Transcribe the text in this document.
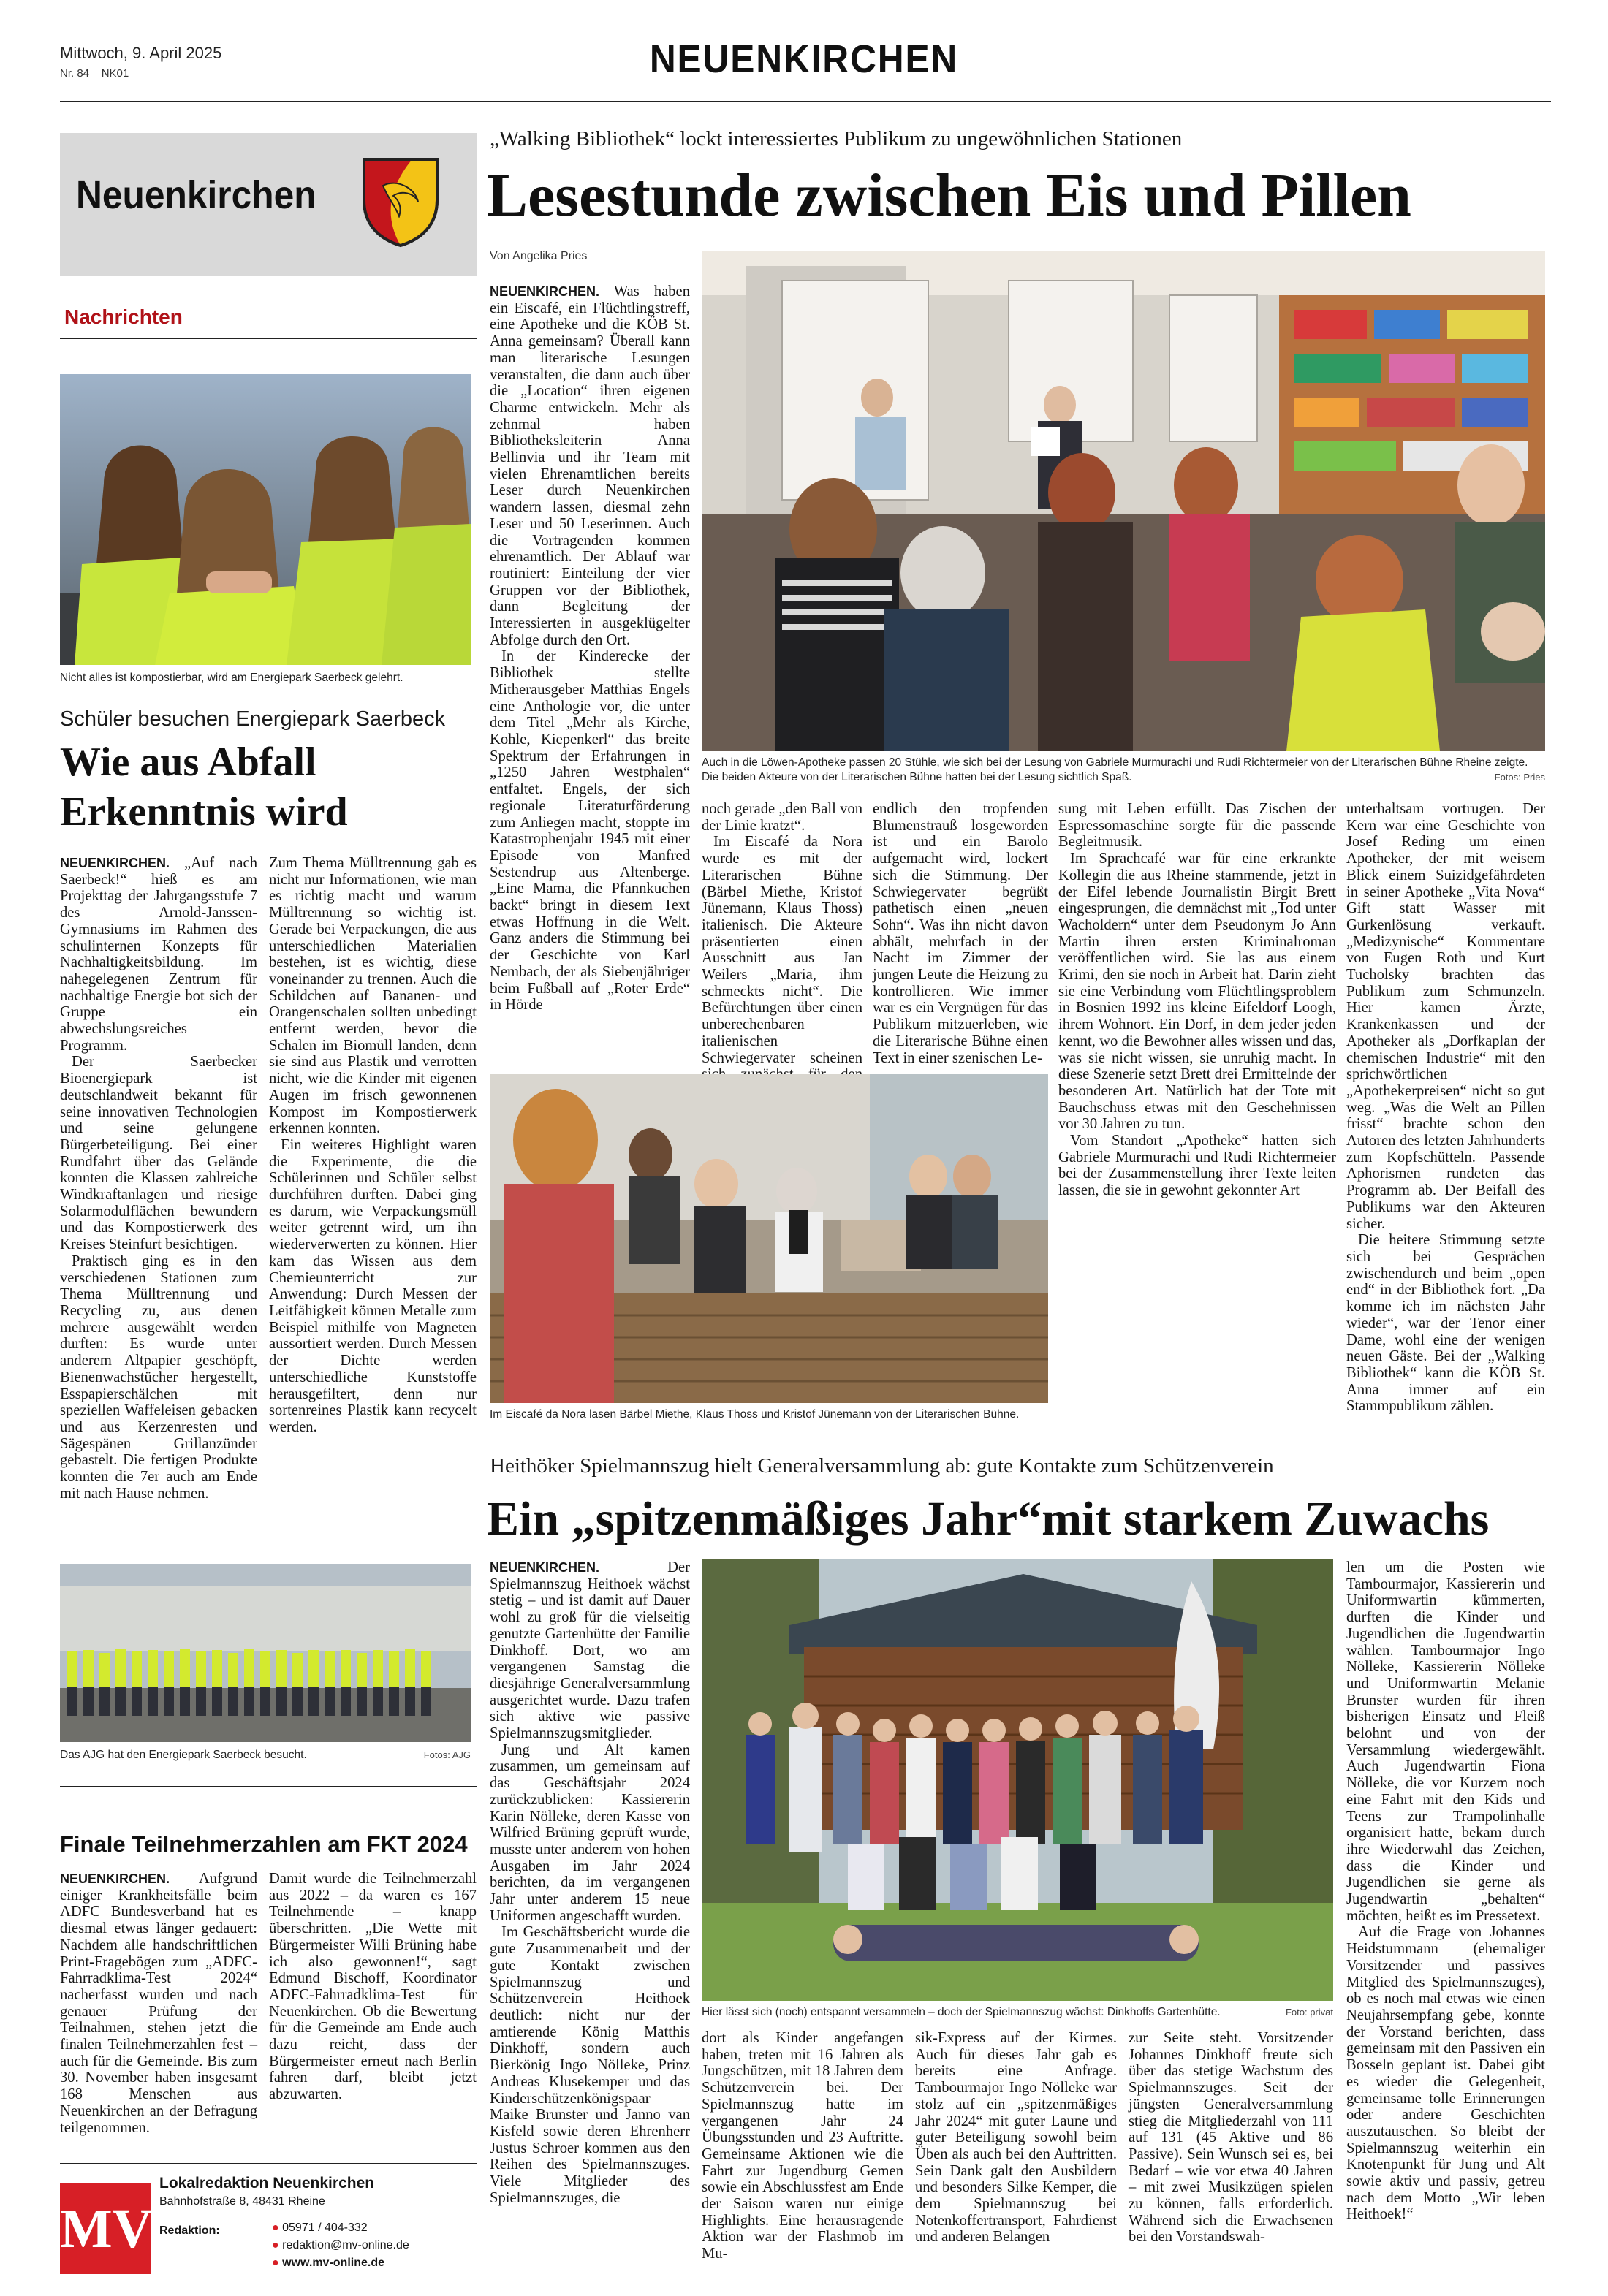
Mittwoch, 9. April 2025
Nr. 84 NK01	NEUENKIRCHEN
Neuenkirchen
Nachrichten
Nicht alles ist kompostierbar, wird am Energiepark Saerbeck gelehrt.
Schüler besuchen Energiepark Saerbeck
Wie aus Abfall
Erkenntnis wird

NEUENKIRCHEN. „Auf nach Saerbeck!“ hieß es am Projekttag der Jahrgangsstufe 7 des Arnold-Janssen-Gymnasiums im Rahmen des schulinternen Konzepts für Nachhaltigkeitsbildung. Im nahegelegenen Zentrum für nachhaltige Energie bot sich der Gruppe ein abwechslungsreiches Programm.

Der Saerbecker Bioenergiepark ist deutschlandweit bekannt für seine innovativen Technologien und seine gelungene Bürgerbeteiligung. Bei einer Rundfahrt über das Gelände konnten die Klassen zahlreiche Windkraftanlagen und riesige Solarmodulflächen bewundern und das Kompostierwerk des Kreises Steinfurt besichtigen.

Praktisch ging es in den verschiedenen Stationen zum Thema Mülltrennung und Recycling zu, aus denen mehrere ausgewählt werden durften: Es wurde unter anderem Altpapier geschöpft, Bienenwachstücher hergestellt, Esspapierschälchen mit speziellen Waffeleisen gebacken und aus Kerzenresten und Sägespänen Grillanzünder gebastelt. Die fertigen Produkte konnten die 7er auch am Ende mit nach Hause nehmen.

Zum Thema Mülltrennung gab es nicht nur Informationen, wie man es richtig macht und warum Mülltrennung so wichtig ist. Gerade bei Verpackungen, die aus unterschiedlichen Materialien bestehen, ist es wichtig, diese voneinander zu trennen. Auch die Schildchen auf Bananen- und Orangenschalen sollten unbedingt entfernt werden, bevor die Schalen im Biomüll landen, denn sie sind aus Plastik und verrotten nicht, wie die Kinder mit eigenen Augen im frisch gewonnenen Kompost im Kompostierwerk erkennen konnten.

Ein weiteres Highlight waren die Experimente, die die Schülerinnen und Schüler selbst durchführen durften. Dabei ging es darum, wie Verpackungsmüll weiter getrennt wird, um ihn wiederverwerten zu können. Hier kam das Wissen aus dem Chemieunterricht zur Anwendung: Durch Messen der Leitfähigkeit können Metalle zum Beispiel mithilfe von Magneten aussortiert werden. Durch Messen der Dichte werden unterschiedliche Kunststoffe herausgefiltert, denn nur sortenreines Plastik kann recycelt werden.

Das AJG hat den Energiepark Saerbeck besucht.	Fotos: AJG
Finale Teilnehmerzahlen am FKT 2024

NEUENKIRCHEN. Aufgrund einiger Krankheitsfälle beim ADFC Bundesverband hat es diesmal etwas länger gedauert: Nachdem alle handschriftlichen Print-Fragebögen zum „ADFC-Fahrradklima-Test 2024“ nacherfasst wurden und nach genauer Prüfung der Teilnahmen, stehen jetzt die finalen Teilnehmerzahlen fest – auch für die Gemeinde. Bis zum 30. November haben insgesamt 168 Menschen aus Neuenkirchen an der Befragung teilgenommen.

Damit wurde die Teilnehmerzahl aus 2022 – da waren es 167 Teilnehmende – knapp überschritten. „Die Wette mit Bürgermeister Willi Brüning habe ich also gewonnen!“, sagt Edmund Bischoff, Koordinator ADFC-Fahrradklima-Test für Neuenkirchen. Ob die Bewertung für die Gemeinde am Ende auch dazu reicht, dass der Bürgermeister erneut nach Berlin fahren darf, bleibt jetzt abzuwarten.

MV
Lokalredaktion Neuenkirchen
Bahnhofstraße 8, 48431 Rheine
Redaktion:	● 05971 / 404-332
● redaktion@mv-online.de
● www.mv-online.de
„Walking Bibliothek“ lockt interessiertes Publikum zu ungewöhnlichen Stationen
Lesestunde zwischen Eis und Pillen
Von Angelika Pries

NEUENKIRCHEN. Was haben ein Eiscafé, ein Flüchtlingstreff, eine Apotheke und die KÖB St. Anna gemeinsam? Überall kann man literarische Lesungen veranstalten, die dann auch über die „Location“ ihren eigenen Charme entwickeln. Mehr als zehnmal haben Bibliotheksleiterin Anna Bellinvia und ihr Team mit vielen Ehrenamtlichen bereits Leser durch Neuenkirchen wandern lassen, diesmal zehn Leser und 50 Leserinnen. Auch die Vortragenden kommen ehrenamtlich. Der Ablauf war routiniert: Einteilung der vier Gruppen vor der Bibliothek, dann Begleitung der Interessierten in ausgeklügelter Abfolge durch den Ort.

In der Kinderecke der Bibliothek stellte Mitherausgeber Matthias Engels eine Anthologie vor, die unter dem Titel „Mehr als Kirche, Kohle, Kiepenkerl“ das breite Spektrum der Erfahrungen in „1250 Jahren Westphalen“ entfaltet. Engels, der sich regionale Literaturförderung zum Anliegen macht, stoppte im Katastrophenjahr 1945 mit einer Episode von Manfred Sestendrup aus Altenberge. „Eine Mama, die Pfannkuchen backt“ bringt in diesem Text etwas Hoffnung in die Welt. Ganz anders die Stimmung bei der Geschichte von Karl Nembach, der als Siebenjähriger beim Fußball auf „Roter Erde“ in Hörde

Auch in die Löwen-Apotheke passen 20 Stühle, wie sich bei der Lesung von Gabriele Murmurachi und Rudi Richtermeier von der Literarischen Bühne Rheine zeigte. Die beiden Akteure von der Literarischen Bühne hatten bei der Lesung sichtlich Spaß.	Fotos: Pries

noch gerade „den Ball von der Linie kratzt“.

Im Eiscafé da Nora wurde es mit der Literarischen Bühne (Bärbel Miethe, Kristof Jünemann, Klaus Thoss) italienisch. Die Akteure präsentierten einen Ausschnitt aus Jan Weilers „Maria, ihm schmeckts nicht“. Die Befürchtungen über einen unberechenbaren italienischen Schwiegervater scheinen

endlich den tropfenden Blumenstrauß losgeworden ist und ein Barolo aufgemacht wird, lockert sich die Stimmung. Der Schwiegervater begrüßt pathetisch einen „neuen Sohn“. Was ihn nicht davon abhält, mehrfach in der Nacht im Zimmer der jungen Leute die Heizung zu kontrollieren. Wie immer war es ein Vergnügen für das Publikum mitzuerleben, wie die Literarische Bühne einen Text in einer szenischen Le-

Im Eiscafé da Nora lasen Bärbel Miethe, Klaus Thoss und Kristof Jünemann von der Literarischen Bühne.

sung mit Leben erfüllt. Das Zischen der Espressomaschine sorgte für die passende Begleitmusik.

Im Sprachcafé war für eine erkrankte Kollegin die aus Rheine stammende, jetzt in der Eifel lebende Journalistin Birgit Brett eingesprungen, die demnächst mit „Tod unter Wacholdern“ unter dem Pseudonym Jo Ann Martin ihren ersten Kriminalroman veröffentlichen wird. Sie las aus einem Krimi, den sie noch in Arbeit hat. Darin zieht sie eine Verbindung vom Flüchtlingsproblem in Bosnien 1992 ins kleine Eifeldorf Loogh, ihrem Wohnort. Ein Dorf, in dem jeder jeden kennt, wo die Bewohner alles wissen und das, was sie nicht wissen, sie unruhig macht. In diese Szenerie setzt Brett drei Ermittelnde der besonderen Art. Natürlich hat der Tote mit Bauchschuss etwas mit den Geschehnissen vor 30 Jahren zu tun.

Vom Standort „Apotheke“ hatten sich Gabriele Murmurachi und Rudi Richtermeier bei der Zusammenstellung ihrer Texte leiten lassen, die sie in gewohnt gekonnter Art

unterhaltsam vortrugen. Der Kern war eine Geschichte von Josef Reding um einen Apotheker, der mit weisem Blick einem Suizidgefährdeten in seiner Apotheke „Vita Nova“ Gift statt Wasser mit Gurkenlösung verkauft. „Medizynische“ Kommentare von Eugen Roth und Kurt Tucholsky brachten das Publikum zum Schmunzeln. Hier kamen Ärzte, Krankenkassen und der Apotheker als „Dorfkaplan der chemischen Industrie“ mit den sprichwörtlichen „Apothekerpreisen“ nicht so gut weg. „Was die Welt an Pillen frisst“ brachte schon den Autoren des letzten Jahrhunderts zum Kopfschütteln. Passende Aphorismen rundeten das Programm ab. Der Beifall des Publikums war den Akteuren sicher.

Die heitere Stimmung setzte sich bei Gesprächen zwischendurch und beim „open end“ in der Bibliothek fort. „Da komme ich im nächsten Jahr wieder“, war der Tenor einer Dame, wohl eine der wenigen neuen Gäste. Bei der „Walking Bibliothek“ kann die KÖB St. Anna immer auf ein Stammpublikum zählen.

Heithöker Spielmannszug hielt Generalversammlung ab: gute Kontakte zum Schützenverein
Ein „spitzenmäßiges Jahr“mit starkem Zuwachs

NEUENKIRCHEN. Der Spielmannszug Heithoek wächst stetig – und ist damit auf Dauer wohl zu groß für die vielseitig genutzte Gartenhütte der Familie Dinkhoff. Dort, wo am vergangenen Samstag die diesjährige Generalversammlung ausgerichtet wurde. Dazu trafen sich aktive wie passive Spielmannszugsmitglieder.

Jung und Alt kamen zusammen, um gemeinsam auf das Geschäftsjahr 2024 zurückzublicken: Kassiererin Karin Nölleke, deren Kasse von Wilfried Brüning geprüft wurde, musste unter anderem von hohen Ausgaben im Jahr 2024 berichten, da im vergangenen Jahr unter anderem 15 neue Uniformen angeschafft wurden.

Im Geschäftsbericht wurde die gute Zusammenarbeit und der gute Kontakt zwischen Spielmannszug und Schützenverein Heithoek deutlich: nicht nur der amtierende König Matthis Dinkhoff, sondern auch Bierkönig Ingo Nölleke, Prinz Andreas Klusekemper und das Kinderschützenkönigspaar Maike Brunster und Janno van Kisfeld sowie deren Ehrenherr Justus Schroer kommen aus den Reihen des Spielmannszuges. Viele Mitglieder des Spielmannszuges, die

Hier lässt sich (noch) entspannt versammeln – doch der Spielmannszug wächst: Dinkhoffs Gartenhütte.	Foto: privat

len um die Posten wie Tambourmajor, Kassiererin und Uniformwartin kümmerten, durften die Kinder und Jugendlichen die Jugendwartin wählen. Tambourmajor Ingo Nölleke, Kassiererin Nölleke und Uniformwartin Melanie Brunster wurden für ihren bisherigen Einsatz und Fleiß belohnt und von der Versammlung wiedergewählt. Auch Jugendwartin Fiona Nölleke, die vor Kurzem noch eine Fahrt mit den Kids und Teens zur Trampolinhalle organisiert hatte, bekam durch ihre Wiederwahl das Zeichen, dass die Kinder und Jugendlichen sie gerne als Jugendwartin „behalten“ möchten, heißt es im Pressetext.

Auf die Frage von Johannes Heidstummann (ehemaliger Vorsitzender und passives Mitglied des Spielmannszuges), ob es noch mal etwas wie einen Neujahrsempfang gebe, konnte der Vorstand berichten, dass gemeinsam mit den Passiven ein Bosseln geplant ist. Dabei gibt es wieder die Gelegenheit, gemeinsame tolle Erinnerungen oder andere Geschichten auszutauschen. So bleibt der Spielmannszug weiterhin ein Knotenpunkt für Jung und Alt sowie aktiv und passiv, getreu nach dem Motto „Wir leben Heithoek!“

dort als Kinder angefangen haben, treten mit 16 Jahren als Jungschützen, mit 18 Jahren dem Schützenverein bei. Der Spielmannszug hatte im vergangenen Jahr 24 Übungsstunden und 23 Auftritte. Gemeinsame Aktionen wie die Fahrt zur Jugendburg Gemen sowie ein Abschlussfest am Ende der Saison waren nur einige Highlights. Eine herausragende Aktion war der Flashmob im Mu-

sik-Express auf der Kirmes. Auch für dieses Jahr gab es bereits eine Anfrage. Tambourmajor Ingo Nölleke war stolz auf ein „spitzenmäßiges Jahr 2024“ mit guter Laune und guter Beteiligung sowohl beim Üben als auch bei den Auftritten. Sein Dank galt den Ausbildern und besonders Silke Kemper, die dem Spielmannszug bei Notenkoffertransport, Fahrdienst und anderen Belangen

zur Seite steht. Vorsitzender Johannes Dinkhoff freute sich über das stetige Wachstum des Spielmannszuges. Seit der jüngsten Generalversammlung stieg die Mitgliederzahl von 111 auf 131 (45 Aktive und 86 Passive). Sein Wunsch sei es, bei Bedarf – wie vor etwa 40 Jahren – mit zwei Musikzügen spielen zu können, falls erforderlich. Während sich die Erwachsenen bei den Vorstandswah-
